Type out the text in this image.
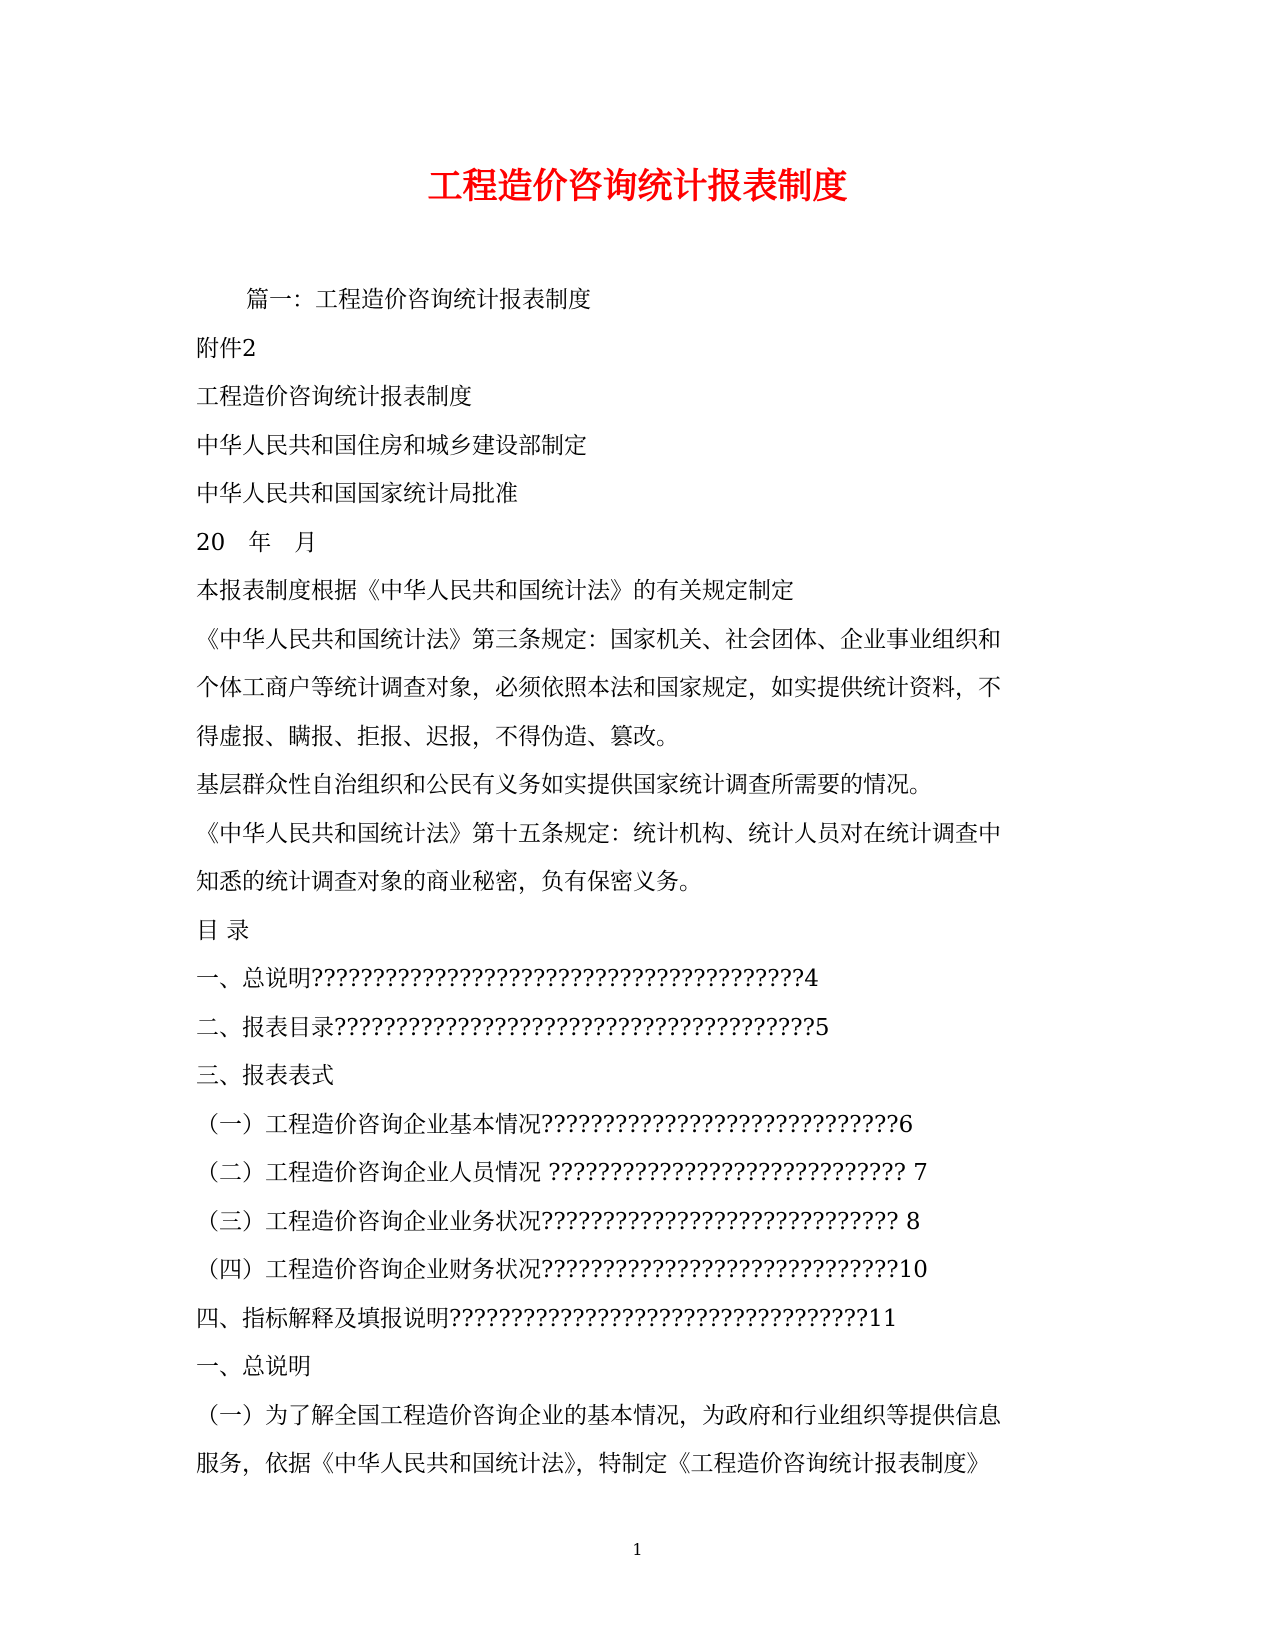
工程造价咨询统计报表制度
篇一：工程造价咨询统计报表制度
附件2
工程造价咨询统计报表制度
中华人民共和国住房和城乡建设部制定
中华人民共和国国家统计局批准
20　年　月
本报表制度根据《中华人民共和国统计法》的有关规定制定
《中华人民共和国统计法》第三条规定：国家机关、社会团体、企业事业组织和
个体工商户等统计调查对象，必须依照本法和国家规定，如实提供统计资料，不
得虚报、瞒报、拒报、迟报，不得伪造、篡改。
基层群众性自治组织和公民有义务如实提供国家统计调查所需要的情况。
《中华人民共和国统计法》第十五条规定：统计机构、统计人员对在统计调查中
知悉的统计调查对象的商业秘密，负有保密义务。
目 录
一、总说明????????????????????????????????????????4
二、报表目录???????????????????????????????????????5
三、报表表式
（一）工程造价咨询企业基本情况?????????????????????????????6
（二）工程造价咨询企业人员情况 ????????????????????????????? 7
（三）工程造价咨询企业业务状况????????????????????????????? 8
（四）工程造价咨询企业财务状况?????????????????????????????10
四、指标解释及填报说明??????????????????????????????????11
一、总说明
（一）为了解全国工程造价咨询企业的基本情况，为政府和行业组织等提供信息
服务，依据《中华人民共和国统计法》，特制定《工程造价咨询统计报表制度》
1
